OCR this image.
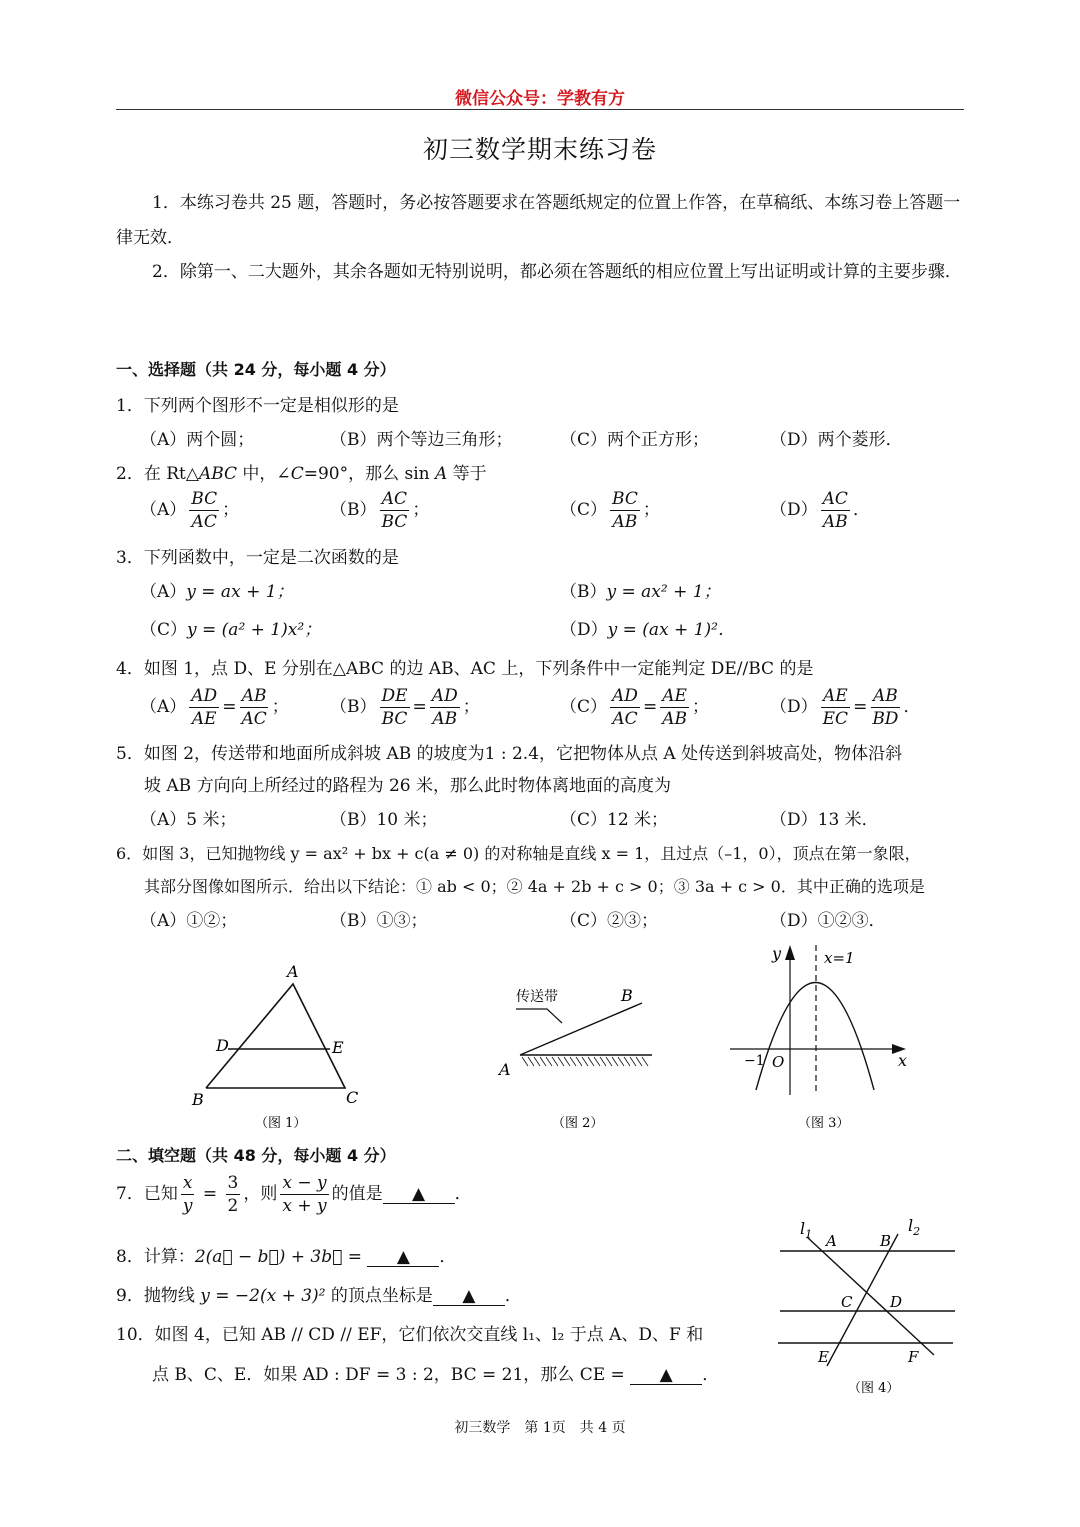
微信公众号：学教有方
初三数学期末练习卷
1．本练习卷共 25 题，答题时，务必按答题要求在答题纸规定的位置上作答，在草稿纸、本练习卷上答题一律无效．
2．除第一、二大题外，其余各题如无特别说明，都必须在答题纸的相应位置上写出证明或计算的主要步骤．
一、选择题（共 24 分，每小题 4 分）
1．下列两个图形不一定是相似形的是
（A）两个圆；	（B）两个等边三角形；	（C）两个正方形；	（D）两个菱形．
2．在 Rt△ABC 中，∠C=90°，那么 sin A 等于
$(A) \frac{BC}{AC}$ ；	$(B) \frac{AC}{BC}$ ；	$(C) \frac{BC}{AB}$ ；	$(D) \frac{AC}{AB}$ ．
3．下列函数中，一定是二次函数的是
（A）y = ax + 1；	（B）y = ax² + 1；
（C）y = (a² + 1)x²；	（D）y = (ax + 1)²．
4．如图 1，点 D、E 分别在△ABC 的边 AB、AC 上，下列条件中一定能判定 DE//BC 的是
$(A) \frac{AD}{AE} = \frac{AB}{AC}$ ； $(B) \frac{DE}{BC} = \frac{AD}{AB}$ ；	$(C) \frac{AD}{AC} = \frac{AE}{AB}$ ；	$(D) \frac{AE}{EC} = \frac{AB}{BD}$ ．
5．如图 2，传送带和地面所成斜坡 AB 的坡度为1 : 2.4，它把物体从点 A 处传送到斜坡高处，物体沿斜
坡 AB 方向向上所经过的路程为 26 米，那么此时物体离地面的高度为
（A）5 米；	（B）10 米；	（C）12 米；	（D）13 米．
6．如图 3，已知抛物线 y = ax² + bx + c(a ≠ 0) 的对称轴是直线 x = 1，且过点（–1，0），顶点在第一象限，
其部分图像如图所示．给出以下结论：① ab < 0；② 4a + 2b + c > 0；③ 3a + c > 0．其中正确的选项是
（A）①②；	（B）①③；	（C）②③；	（D）①②③．
A
B	C
D	E
（图 1）
传送带
A
B
（图 2）
y
x
O
−1
x=1
（图 3）
二、填空题（共 48 分，每小题 4 分）
7．已知 $\frac{x}{y} = \frac{3}{2}$ ，则 $\frac{x - y}{x + y}$ 的值是 ▲ ．
8．计算：2(a⃗ − b⃗) + 3b⃗ = ▲ ．
9．抛物线 y = −2(x + 3)² 的顶点坐标是 ▲ ．
10．如图 4，已知 AB // CD // EF，它们依次交直线 l₁、l₂ 于点 A、D、F 和
点 B、C、E．如果 AD : DF = 3 : 2，BC = 21，那么 CE = ▲ ．
$l_1$	$l_2$
A	B
C	D
E	F
（图 4）
初三数学　第 1页　共 4 页
